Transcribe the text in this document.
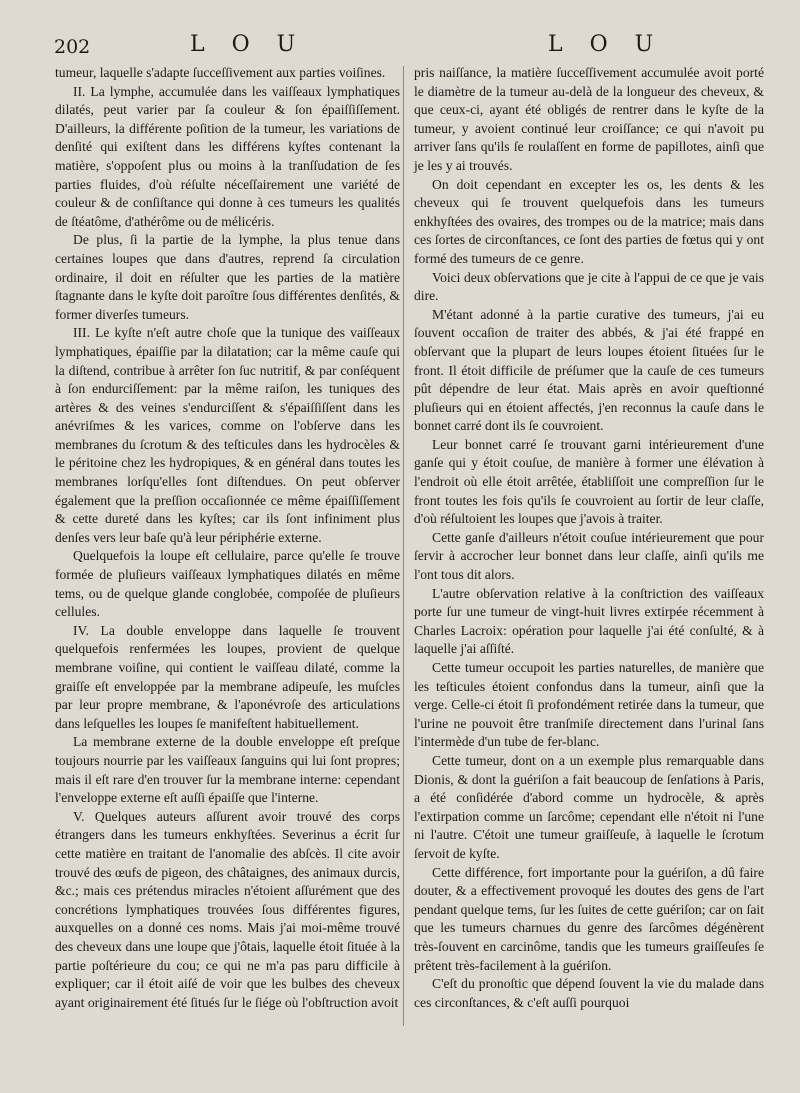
202	L O U	L O U

tumeur, laquelle s'adapte ſucceſſivement aux parties voiſines.

II. La lymphe, accumulée dans les vaiſſeaux lymphatiques dilatés, peut varier par ſa couleur & ſon épaiſſiſſement. D'ailleurs, la différente poſition de la tumeur, les variations de denſité qui exiſtent dans les différens kyſtes contenant la matière, s'oppoſent plus ou moins à la tranſſudation de ſes parties fluides, d'où réſulte néceſſairement une variété de couleur & de conſiſtance qui donne à ces tumeurs les qualités de ſtéatôme, d'athérôme ou de mélicéris.

De plus, ſi la partie de la lymphe, la plus tenue dans certaines loupes que dans d'autres, reprend ſa circulation ordinaire, il doit en réſulter que les parties de la matière ſtagnante dans le kyſte doit paroître ſous différentes denſités, & former diverſes tumeurs.

III. Le kyſte n'eſt autre choſe que la tunique des vaiſſeaux lymphatiques, épaiſſie par la dilatation; car la même cauſe qui la diſtend, contribue à arrêter ſon ſuc nutritif, & par conſéquent à ſon endurciſſement: par la même raiſon, les tuniques des artères & des veines s'endurciſſent & s'épaiſſiſſent dans les anévriſmes & les varices, comme on l'obſerve dans les membranes du ſcrotum & des teſticules dans les hydrocèles & le péritoine chez les hydropiques, & en général dans toutes les membranes lorſqu'elles ſont diſtendues. On peut obſerver également que la preſſion occaſionnée ce même épaiſſiſſement & cette dureté dans les kyſtes; car ils ſont infiniment plus denſes vers leur baſe qu'à leur périphérie externe.

Quelquefois la loupe eſt cellulaire, parce qu'elle ſe trouve formée de pluſieurs vaiſſeaux lymphatiques dilatés en même tems, ou de quelque glande conglobée, compoſée de pluſieurs cellules.

IV. La double enveloppe dans laquelle ſe trouvent quelquefois renfermées les loupes, provient de quelque membrane voiſine, qui contient le vaiſſeau dilaté, comme la graiſſe eſt enveloppée par la membrane adipeuſe, les muſcles par leur propre membrane, & l'aponévroſe des articulations dans leſquelles les loupes ſe manifeſtent habituellement.

La membrane externe de la double enveloppe eſt preſque toujours nourrie par les vaiſſeaux ſanguins qui lui ſont propres; mais il eſt rare d'en trouver ſur la membrane interne: cependant l'enveloppe externe eſt auſſi épaiſſe que l'interne.

V. Quelques auteurs aſſurent avoir trouvé des corps étrangers dans les tumeurs enkhyſtées. Severinus a écrit ſur cette matière en traitant de l'anomalie des abſcès. Il cite avoir trouvé des œufs de pigeon, des châtaignes, des animaux durcis, &c.; mais ces prétendus miracles n'étoient aſſurément que des concrétions lymphatiques trouvées ſous différentes figures, auxquelles on a donné ces noms. Mais j'ai moi-même trouvé des cheveux dans une loupe que j'ôtais, laquelle étoit ſituée à la partie poſtérieure du cou; ce qui ne m'a pas paru difficile à expliquer; car il étoit aiſé de voir que les bulbes des cheveux ayant originairement été ſitués ſur le ſiége où l'obſtruction avoit

pris naiſſance, la matière ſucceſſivement accumulée avoit porté le diamètre de la tumeur au-delà de la longueur des cheveux, & que ceux-ci, ayant été obligés de rentrer dans le kyſte de la tumeur, y avoient continué leur croiſſance; ce qui n'avoit pu arriver ſans qu'ils ſe roulaſſent en forme de papillotes, ainſi que je les y ai trouvés.

On doit cependant en excepter les os, les dents & les cheveux qui ſe trouvent quelquefois dans les tumeurs enkhyſtées des ovaires, des trompes ou de la matrice; mais dans ces ſortes de circonſtances, ce ſont des parties de fœtus qui y ont formé des tumeurs de ce genre.

Voici deux obſervations que je cite à l'appui de ce que je vais dire.

M'étant adonné à la partie curative des tumeurs, j'ai eu ſouvent occaſion de traiter des abbés, & j'ai été frappé en obſervant que la plupart de leurs loupes étoient ſituées ſur le front. Il étoit difficile de préſumer que la cauſe de ces tumeurs pût dépendre de leur état. Mais après en avoir queſtionné pluſieurs qui en étoient affectés, j'en reconnus la cauſe dans le bonnet carré dont ils ſe couvroient.

Leur bonnet carré ſe trouvant garni intérieurement d'une ganſe qui y étoit couſue, de manière à former une élévation à l'endroit où elle étoit arrêtée, établiſſoit une compreſſion ſur le front toutes les fois qu'ils ſe couvroient au ſortir de leur claſſe, d'où réſultoient les loupes que j'avois à traiter.

Cette ganſe d'ailleurs n'étoit couſue intérieurement que pour ſervir à accrocher leur bonnet dans leur claſſe, ainſi qu'ils me l'ont tous dit alors.

L'autre obſervation relative à la conſtriction des vaiſſeaux porte ſur une tumeur de vingt-huit livres extirpée récemment à Charles Lacroix: opération pour laquelle j'ai été conſulté, & à laquelle j'ai aſſiſté.

Cette tumeur occupoit les parties naturelles, de manière que les teſticules étoient confondus dans la tumeur, ainſi que la verge. Celle-ci étoit ſi profondément retirée dans la tumeur, que l'urine ne pouvoit être tranſmiſe directement dans l'urinal ſans l'intermède d'un tube de fer-blanc.

Cette tumeur, dont on a un exemple plus remarquable dans Dionis, & dont la guériſon a fait beaucoup de ſenſations à Paris, a été conſidérée d'abord comme un hydrocèle, & après l'extirpation comme un ſarcôme; cependant elle n'étoit ni l'une ni l'autre. C'étoit une tumeur graiſſeuſe, à laquelle le ſcrotum ſervoit de kyſte.

Cette différence, fort importante pour la guériſon, a dû faire douter, & a effectivement provoqué les doutes des gens de l'art pendant quelque tems, ſur les ſuites de cette guériſon; car on ſait que les tumeurs charnues du genre des ſarcômes dégénèrent très-ſouvent en carcinôme, tandis que les tumeurs graiſſeuſes ſe prêtent très-facilement à la guériſon.

C'eſt du pronoſtic que dépend ſouvent la vie du malade dans ces circonſtances, & c'eſt auſſi pourquoi
